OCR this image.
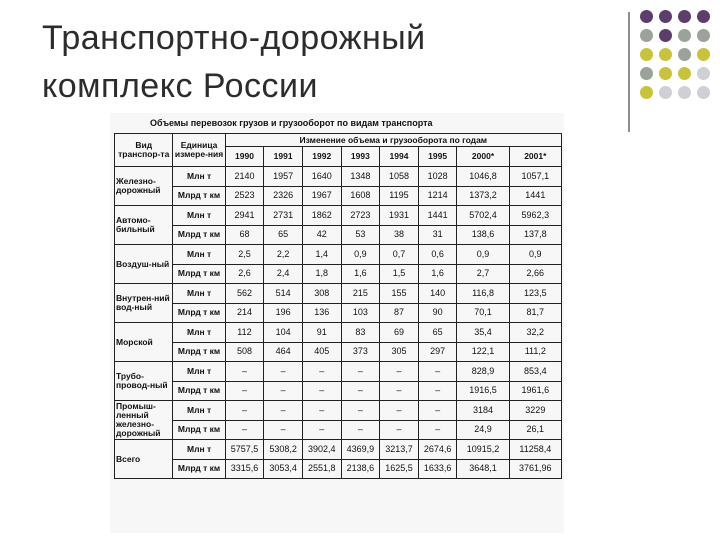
Транспортно-дорожный
комплекс России
Объемы перевозок грузов и грузооборот по видам транспорта
Вид транспор-та	Единица измере-ния	Изменение объема и грузооборота по годам							
		1990	1991	1992	1993	1994	1995	2000*	2001*
Железно-дорожный	Млн т	2140	1957	1640	1348	1058	1028	1046,8	1057,1
	Млрд т км	2523	2326	1967	1608	1195	1214	1373,2	1441
Автомо-бильный	Млн т	2941	2731	1862	2723	1931	1441	5702,4	5962,3
	Млрд т км	68	65	42	53	38	31	138,6	137,8
Воздуш-ный	Млн т	2,5	2,2	1,4	0,9	0,7	0,6	0,9	0,9
	Млрд т км	2,6	2,4	1,8	1,6	1,5	1,6	2,7	2,66
Внутрен-ний вод-ный	Млн т	562	514	308	215	155	140	116,8	123,5
	Млрд т км	214	196	136	103	87	90	70,1	81,7
Морской	Млн т	112	104	91	83	69	65	35,4	32,2
	Млрд т км	508	464	405	373	305	297	122,1	111,2
Трубо-провод-ный	Млн т	–	–	–	–	–	–	828,9	853,4
	Млрд т км	–	–	–	–	–	–	1916,5	1961,6
Промыш-ленный железно-дорожный	Млн т	–	–	–	–	–	–	3184	3229
	Млрд т км	–	–	–	–	–	–	24,9	26,1
Всего	Млн т	5757,5	5308,2	3902,4	4369,9	3213,7	2674,6	10915,2	11258,4
	Млрд т км	3315,6	3053,4	2551,8	2138,6	1625,5	1633,6	3648,1	3761,96
